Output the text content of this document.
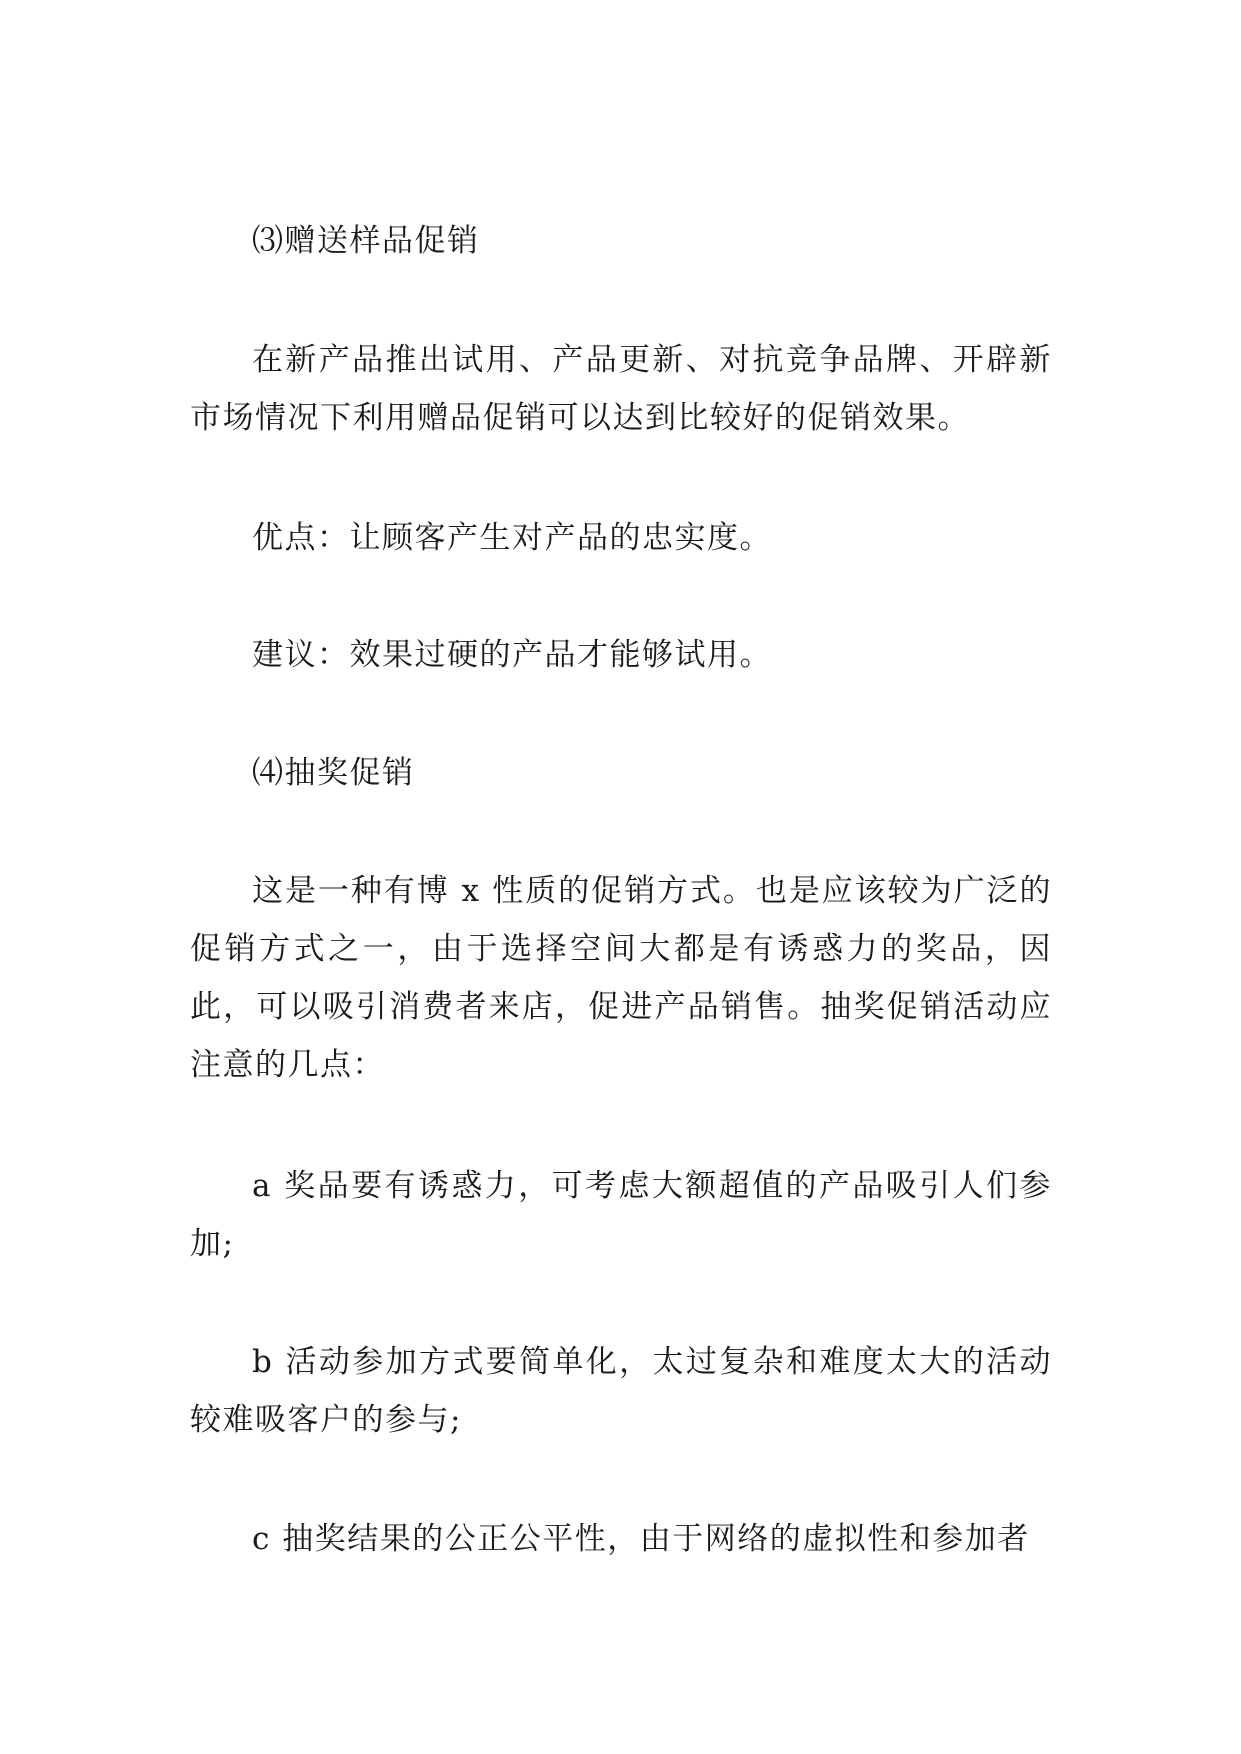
⑶赠送样品促销

在新产品推出试用、产品更新、对抗竞争品牌、开辟新市场情况下利用赠品促销可以达到比较好的促销效果。

优点：让顾客产生对产品的忠实度。

建议：效果过硬的产品才能够试用。

⑷抽奖促销

这是一种有博 x 性质的促销方式。也是应该较为广泛的促销方式之一，由于选择空间大都是有诱惑力的奖品，因此，可以吸引消费者来店，促进产品销售。抽奖促销活动应注意的几点：

a 奖品要有诱惑力，可考虑大额超值的产品吸引人们参加;

b 活动参加方式要简单化，太过复杂和难度太大的活动较难吸客户的参与;

c 抽奖结果的公正公平性，由于网络的虚拟性和参加者
